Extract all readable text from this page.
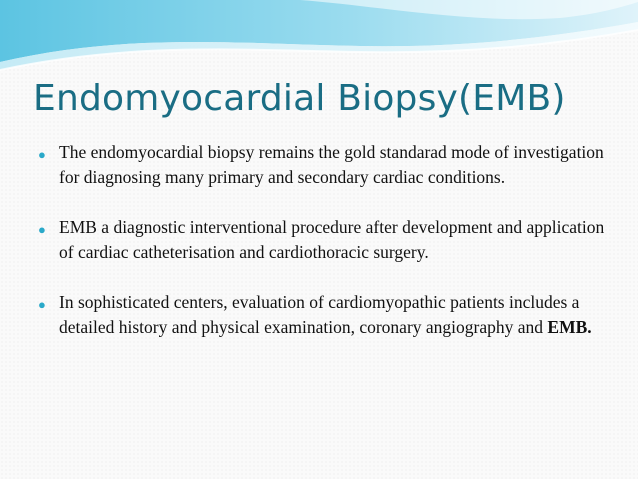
Endomyocardial Biopsy(EMB)
● The endomyocardial biopsy remains the gold standarad mode of investigation for diagnosing many primary and secondary cardiac conditions.
● EMB a diagnostic interventional procedure after development and application of cardiac catheterisation and cardiothoracic surgery.
● In sophisticated centers, evaluation of cardiomyopathic patients includes a detailed history and physical examination, coronary angiography and EMB.
